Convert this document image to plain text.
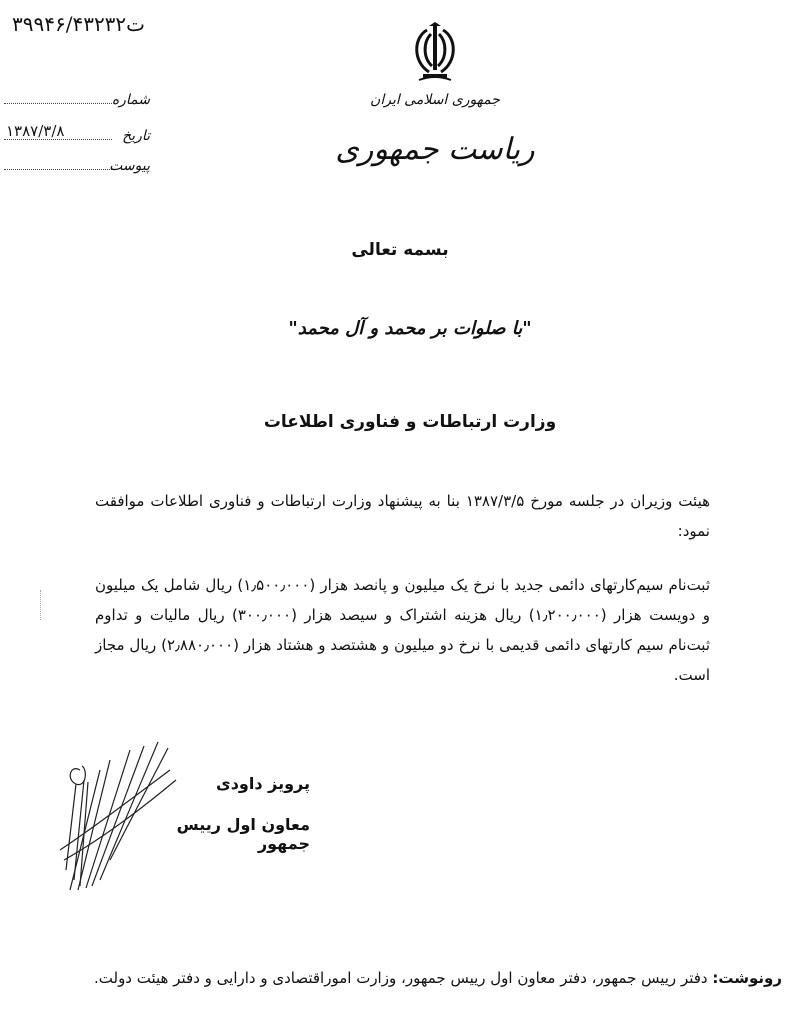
۳۹۹۴۶/ت۴۳۲۳۲
شماره
تاریخ
۱۳۸۷/۳/۸
پیوست
جمهوری اسلامی ایران
ریاست جمهوری
بسمه تعالی
"با صلوات بر محمد و آل محمد"
وزارت ارتباطات و فناوری اطلاعات
هیئت وزیران در جلسه مورخ ۱۳۸۷/۳/۵ بنا به پیشنهاد وزارت ارتباطات و فناوری اطلاعات موافقت نمود:
ثبت‌نام سیم‌کارتهای دائمی جدید با نرخ یک میلیون و پانصد هزار (۱٫۵۰۰٫۰۰۰) ریال شامل یک میلیون و دویست هزار (۱٫۲۰۰٫۰۰۰) ریال هزینه اشتراک و سیصد هزار (۳۰۰٫۰۰۰) ریال مالیات و تداوم ثبت‌نام سیم کارتهای دائمی قدیمی با نرخ دو میلیون و هشتصد و هشتاد هزار (۲٫۸۸۰٫۰۰۰) ریال مجاز است.
پرویز داودی
معاون اول رییس جمهور
رونوشت: دفتر رییس جمهور، دفتر معاون اول رییس جمهور، وزارت اموراقتصادی و دارایی و دفتر هیئت دولت.
